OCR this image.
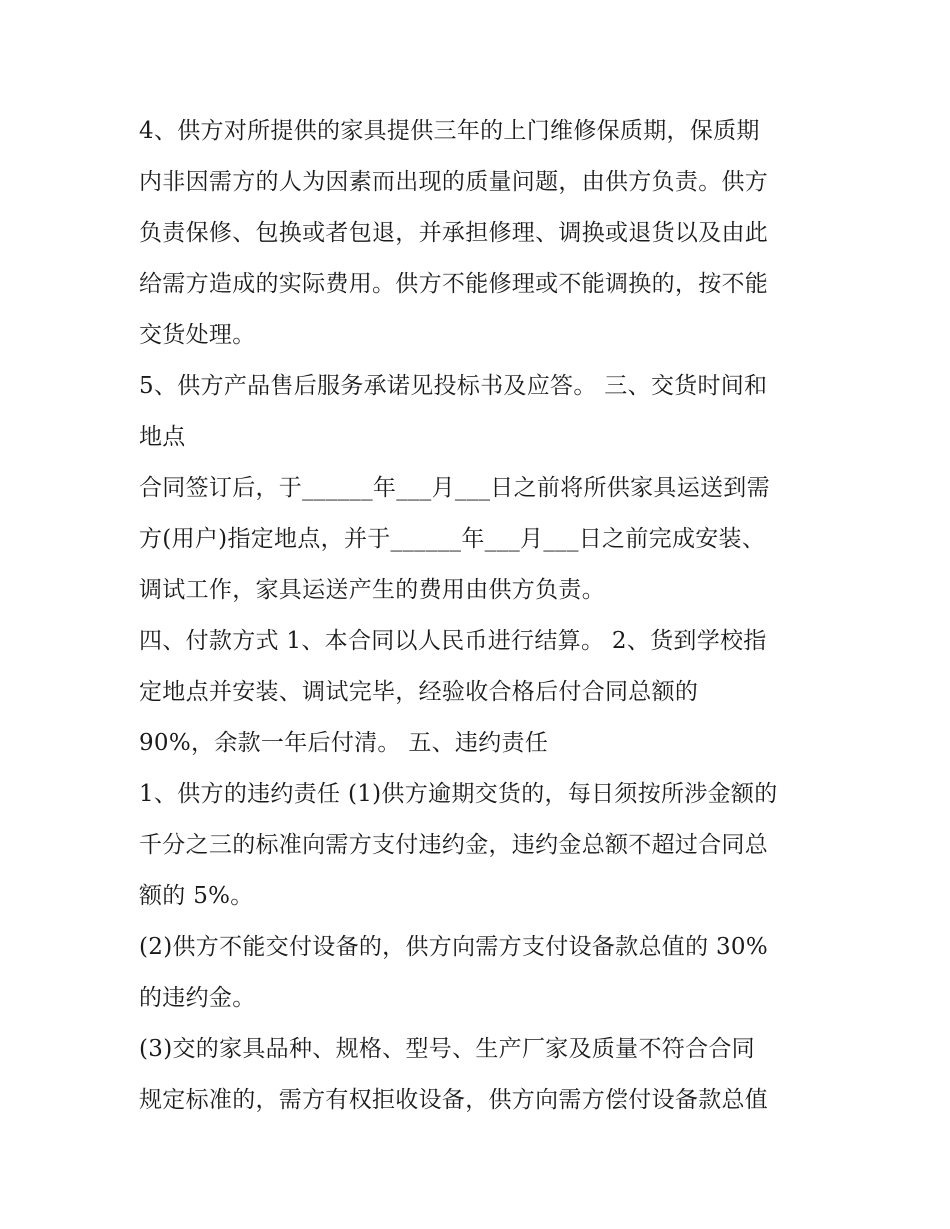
4、供方对所提供的家具提供三年的上门维修保质期，保质期
内非因需方的人为因素而出现的质量问题，由供方负责。供方
负责保修、包换或者包退，并承担修理、调换或退货以及由此
给需方造成的实际费用。供方不能修理或不能调换的，按不能
交货处理。
5、供方产品售后服务承诺见投标书及应答。 三、交货时间和
地点
合同签订后，于______年___月___日之前将所供家具运送到需
方(用户)指定地点，并于______年___月___日之前完成安装、
调试工作，家具运送产生的费用由供方负责。
四、付款方式 1、本合同以人民币进行结算。 2、货到学校指
定地点并安装、调试完毕，经验收合格后付合同总额的
90%，余款一年后付清。 五、违约责任
1、供方的违约责任 (1)供方逾期交货的，每日须按所涉金额的
千分之三的标准向需方支付违约金，违约金总额不超过合同总
额的 5%。
(2)供方不能交付设备的，供方向需方支付设备款总值的 30%
的违约金。
(3)交的家具品种、规格、型号、生产厂家及质量不符合合同
规定标准的，需方有权拒收设备，供方向需方偿付设备款总值
